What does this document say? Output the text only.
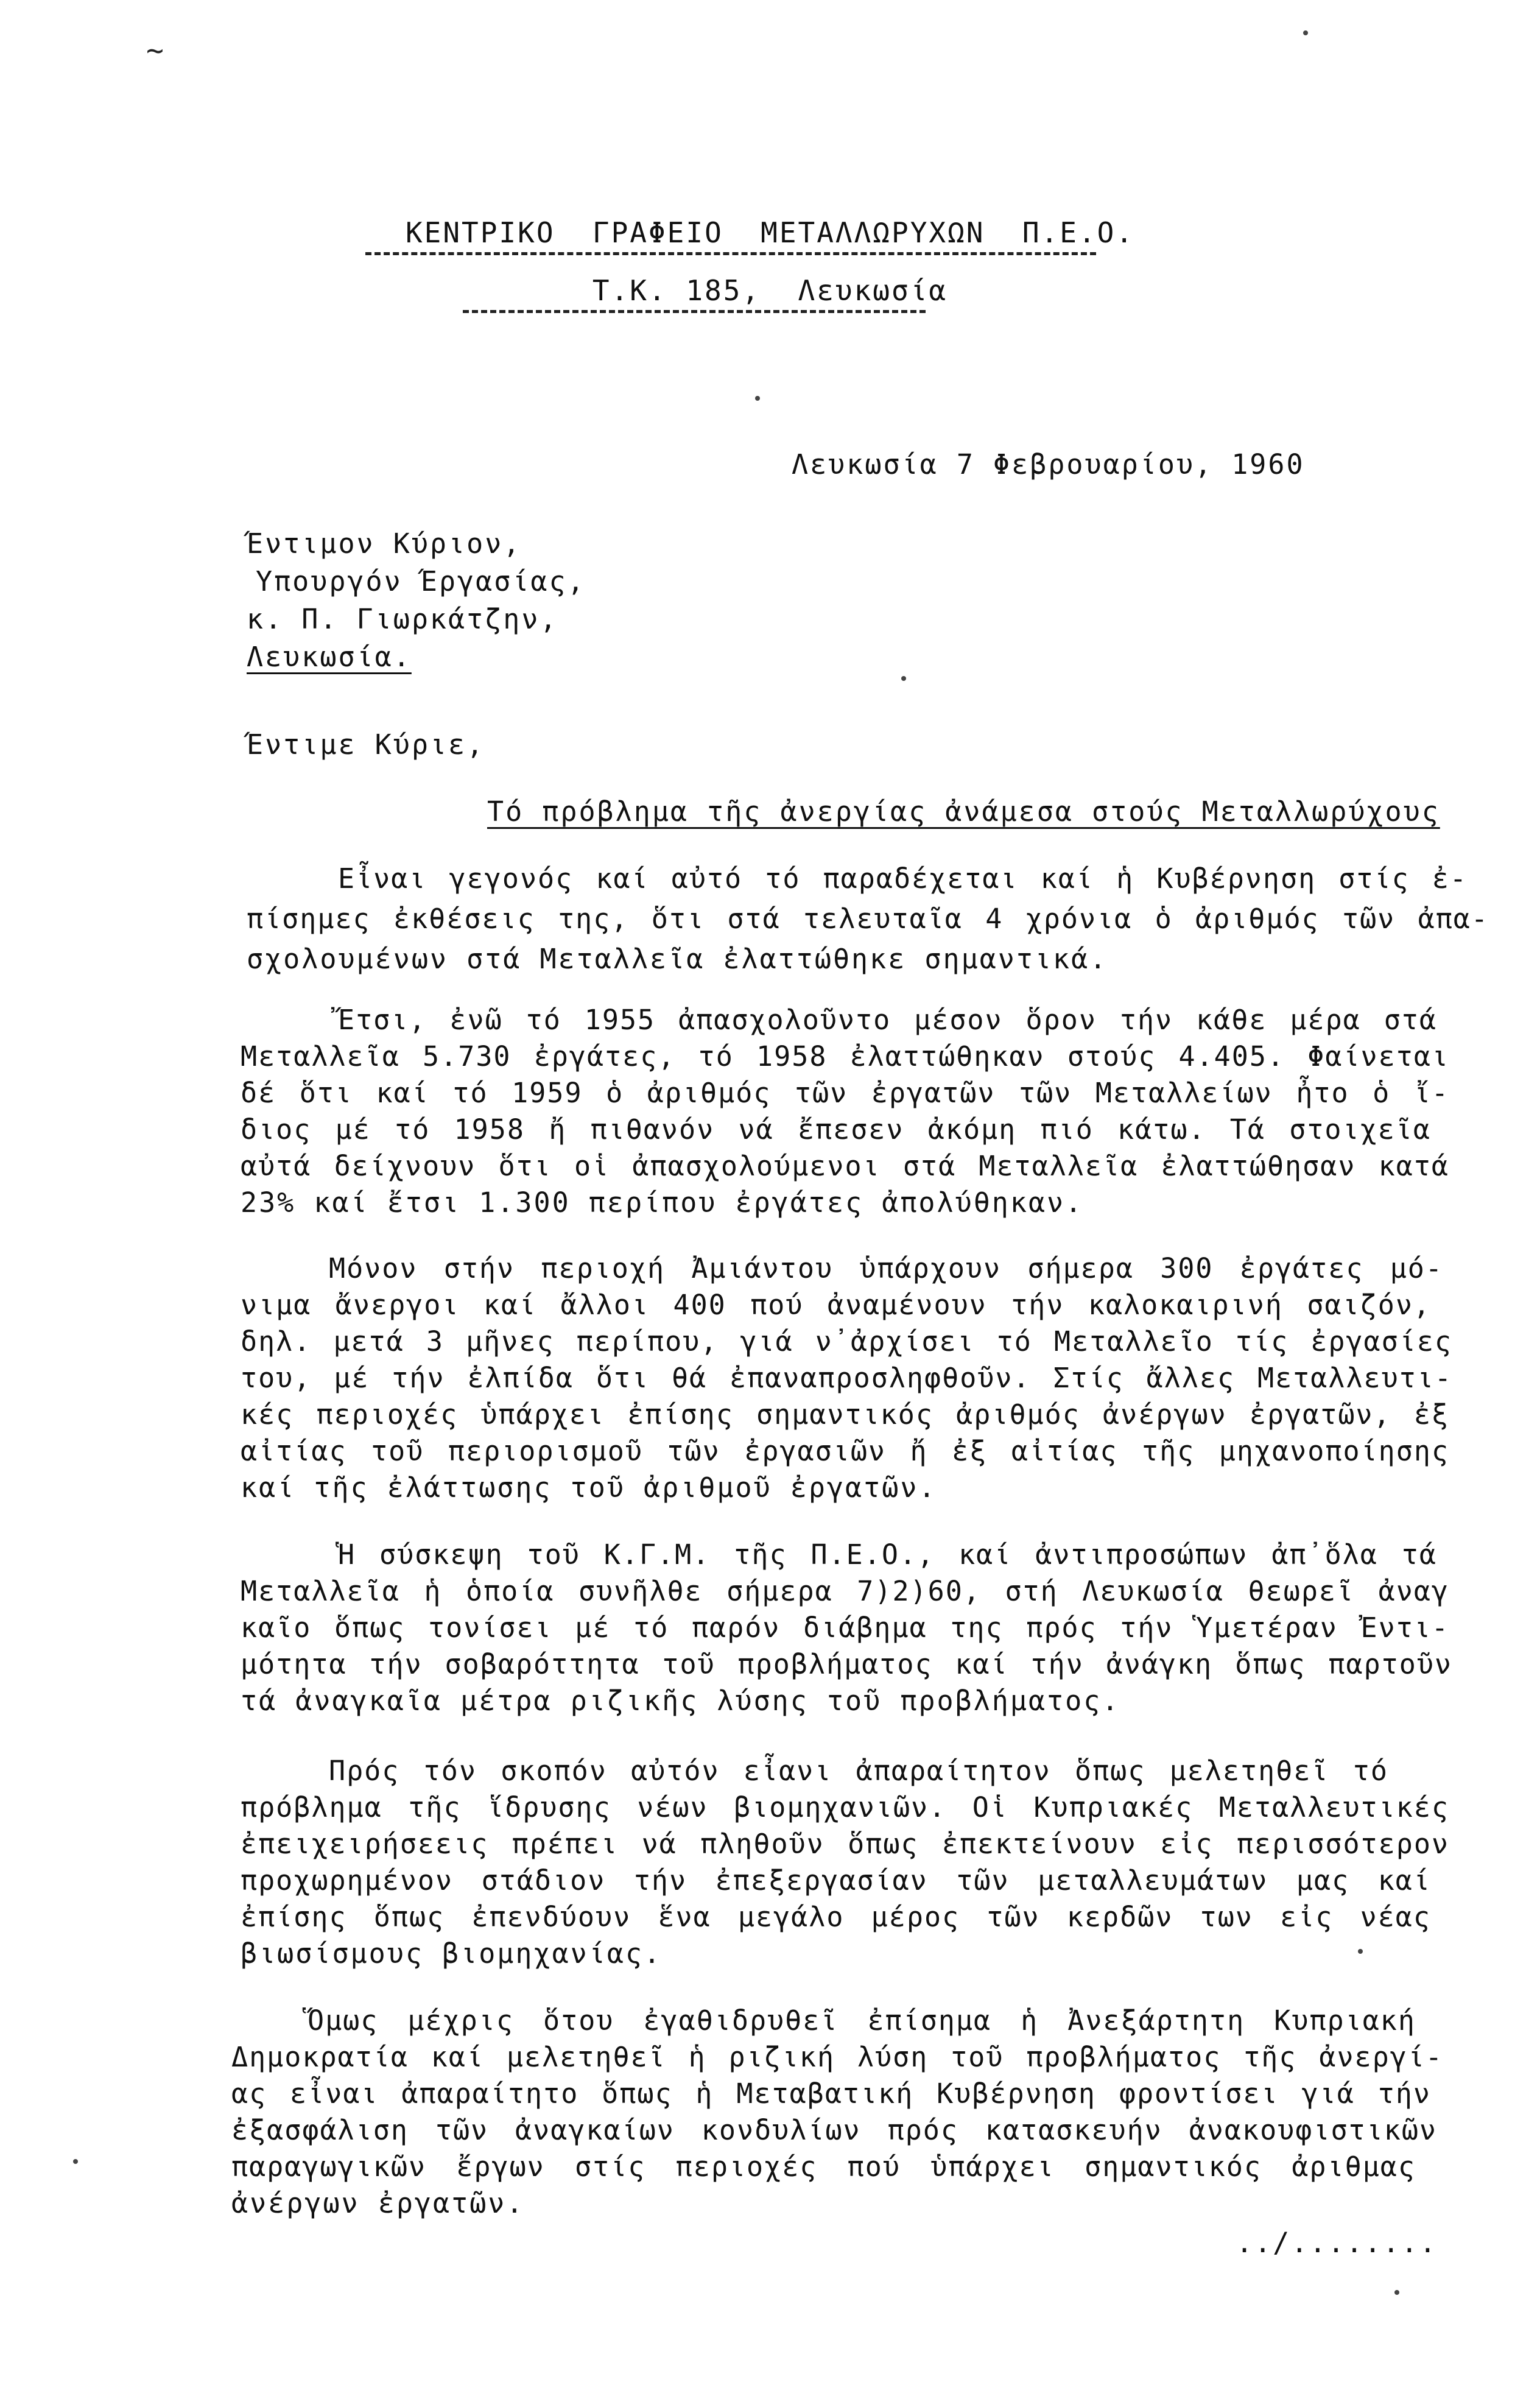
~
ΚΕΝΤΡΙΚΟ  ΓΡΑΦΕΙΟ  ΜΕΤΑΛΛΩΡΥΧΩΝ  Π.Ε.Ο.
Τ.Κ. 185,  Λευκωσία
Λευκωσία 7 Φεβρουαρίου, 1960
Έντιμον Κύριον,
Υπουργόν Έργασίας,
κ. Π. Γιωρκάτζην,
Λευκωσία.
Έντιμε Κύριε,
Τό πρόβλημα τῆς ἀνεργίας ἀνάμεσα στούς Μεταλλωρύχους
Εἶναι γεγονός καί αὐτό τό παραδέχεται καί ἡ Κυβέρνηση στίς ἐ-
πίσημες ἐκθέσεις της, ὅτι στά τελευταῖα 4 χρόνια ὁ ἀριθμός τῶν ἀπα-
σχολουμένων στά Μεταλλεῖα ἐλαττώθηκε σημαντικά.
Ἔτσι, ἐνῶ τό 1955 ἀπασχολοῦντο μέσον ὅρον τήν κάθε μέρα στά
Μεταλλεῖα 5.730 ἐργάτες, τό 1958 ἐλαττώθηκαν στούς 4.405. Φαίνεται
δέ ὅτι καί τό 1959 ὁ ἀριθμός τῶν ἐργατῶν τῶν Μεταλλείων ἦτο ὁ ἴ-
διος μέ τό 1958 ἤ πιθανόν νά ἔπεσεν ἀκόμη πιό κάτω. Τά στοιχεῖα
αὐτά δείχνουν ὅτι οἱ ἀπασχολούμενοι στά Μεταλλεῖα ἐλαττώθησαν κατά
23% καί ἔτσι 1.300 περίπου ἐργάτες ἀπολύθηκαν.
Μόνον στήν περιοχή Ἀμιάντου ὑπάρχουν σήμερα 300 ἐργάτες μό-
νιμα ἄνεργοι καί ἄλλοι 400 πού ἀναμένουν τήν καλοκαιρινή σαιζόν,
δηλ. μετά 3 μῆνες περίπου, γιά ν᾽ἀρχίσει τό Μεταλλεῖο τίς ἐργασίες
του, μέ τήν ἐλπίδα ὅτι θά ἐπαναπροσληφθοῦν. Στίς ἄλλες Μεταλλευτι-
κές περιοχές ὑπάρχει ἐπίσης σημαντικός ἀριθμός ἀνέργων ἐργατῶν, ἐξ
αἰτίας τοῦ περιορισμοῦ τῶν ἐργασιῶν ἤ ἐξ αἰτίας τῆς μηχανοποίησης
καί τῆς ἐλάττωσης τοῦ ἀριθμοῦ ἐργατῶν.
Ἡ σύσκεψη τοῦ Κ.Γ.Μ. τῆς Π.Ε.Ο., καί ἀντιπροσώπων ἀπ᾽ὅλα τά
Μεταλλεῖα ἡ ὁποία συνῆλθε σήμερα 7)2)60, στή Λευκωσία θεωρεῖ ἀναγ
καῖο ὅπως τονίσει μέ τό παρόν διάβημα της πρός τήν Ὑμετέραν Ἐντι-
μότητα τήν σοβαρόττητα τοῦ προβλήματος καί τήν ἀνάγκη ὅπως παρτοῦν
τά ἀναγκαῖα μέτρα ριζικῆς λύσης τοῦ προβλήματος.
Πρός τόν σκοπόν αὐτόν εἶανι ἀπαραίτητον ὅπως μελετηθεῖ τό
πρόβλημα τῆς ἵδρυσης νέων βιομηχανιῶν. Οἱ Κυπριακές Μεταλλευτικές
ἐπειχειρήσεεις πρέπει νά πληθοῦν ὅπως ἐπεκτείνουν εἰς περισσότερον
προχωρημένον στάδιον τήν ἐπεξεργασίαν τῶν μεταλλευμάτων μας καί
ἐπίσης ὅπως ἐπενδύουν ἕνα μεγάλο μέρος τῶν κερδῶν των εἰς νέας
βιωσίσμους βιομηχανίας.
Ὅμως μέχρις ὅτου ἐγαθιδρυθεῖ ἐπίσημα ἡ Ἀνεξάρτητη Κυπριακή
Δημοκρατία καί μελετηθεῖ ἡ ριζική λύση τοῦ προβλήματος τῆς ἀνεργί-
ας εἶναι ἀπαραίτητο ὅπως ἡ Μεταβατική Κυβέρνηση φροντίσει γιά τήν
ἐξασφάλιση τῶν ἀναγκαίων κονδυλίων πρός κατασκευήν ἀνακουφιστικῶν
παραγωγικῶν ἔργων στίς περιοχές πού ὑπάρχει σημαντικός ἀριθμας
ἀνέργων ἐργατῶν.
../........
